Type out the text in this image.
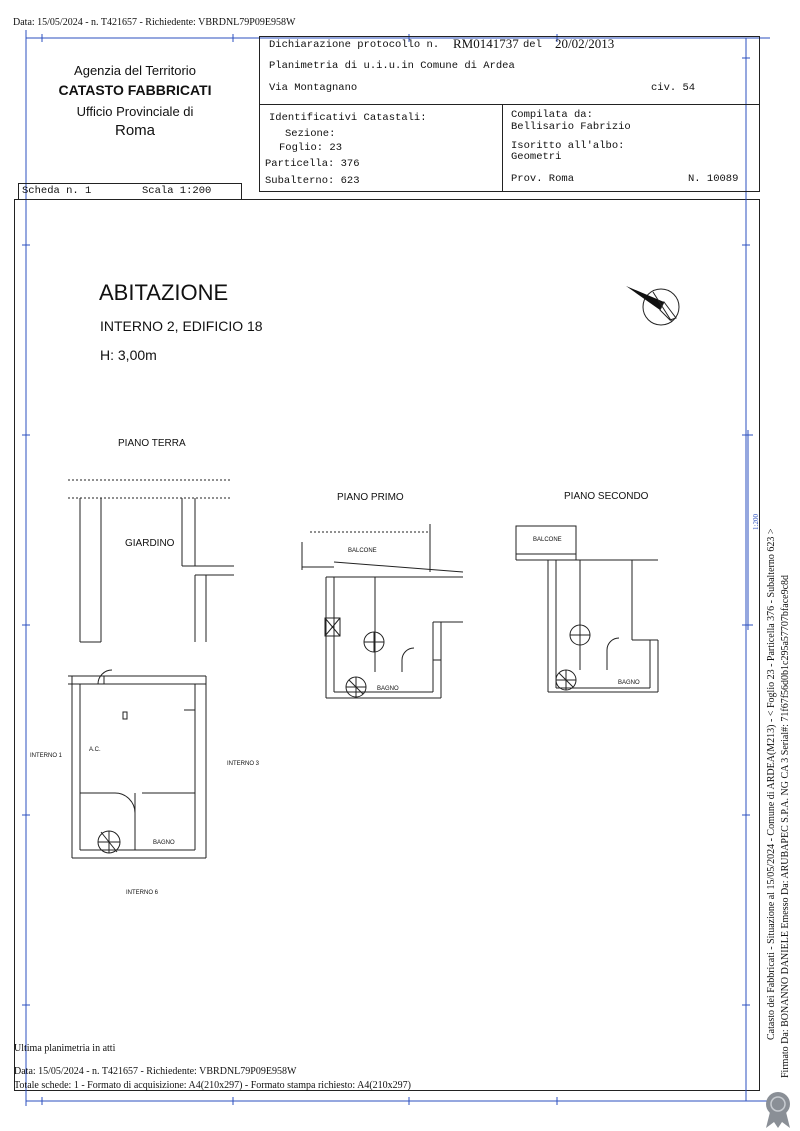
Data: 15/05/2024 - n. T421657 - Richiedente: VBRDNL79P09E958W
Agenzia del Territorio
CATASTO FABBRICATI
Ufficio Provinciale di
Roma
Dichiarazione protocollo n. RM0141737 del 20/02/2013
Planimetria di u.i.u.in Comune di Ardea
Via Montagnano	civ. 54
Identificativi Catastali:
Sezione:
Foglio: 23
Particella: 376
Subalterno: 623
Compilata da:
Bellisario Fabrizio
Isoritto all'albo:
Geometri
Prov. Roma	N. 10089
Scheda n. 1	Scala 1:200
ABITAZIONE
INTERNO 2, EDIFICIO 18
H: 3,00m
PIANO TERRA
PIANO PRIMO	PIANO SECONDO
GIARDINO
INTERNO 1
INTERNO 3
INTERNO 6
A.C.
BAGNO
BALCONE
BAGNO
BALCONE
BAGNO
1:200
Catasto dei Fabbricati - Situazione al 15/05/2024 - Comune di ARDEA(M213) - < Foglio 23 - Particella 376 - Subalterno 623 > Firmato Da: BONANNO DANIELE Emesso Da: ARUBAPEC S.P.A. NG CA 3 Serial#: 71f67f56d0b1c295a57707bface9c8d
Ultima planimetria in atti
Data: 15/05/2024 - n. T421657 - Richiedente: VBRDNL79P09E958W
Totale schede: 1 - Formato di acquisizione: A4(210x297) - Formato stampa richiesto: A4(210x297)
